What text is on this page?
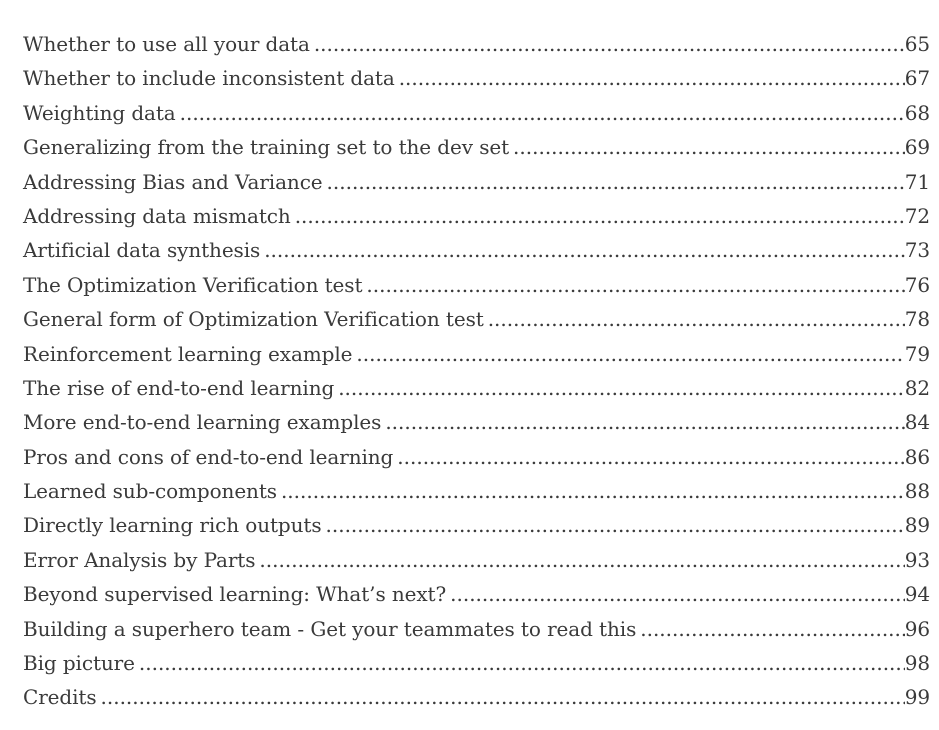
Whether to use all your data .....	65
Whether to include inconsistent data .....	67
Weighting data .....	68
Generalizing from the training set to the dev set .....	69
Addressing Bias and Variance .....	71
Addressing data mismatch .....	72
Artificial data synthesis .....	73
The Optimization Verification test .....	76
General form of Optimization Verification test .....	78
Reinforcement learning example .....	79
The rise of end-to-end learning .....	82
More end-to-end learning examples .....	84
Pros and cons of end-to-end learning .....	86
Learned sub-components .....	88
Directly learning rich outputs .....	89
Error Analysis by Parts .....	93
Beyond supervised learning: What’s next? .....	94
Building a superhero team - Get your teammates to read this .....	96
Big picture .....	98
Credits .....	99
